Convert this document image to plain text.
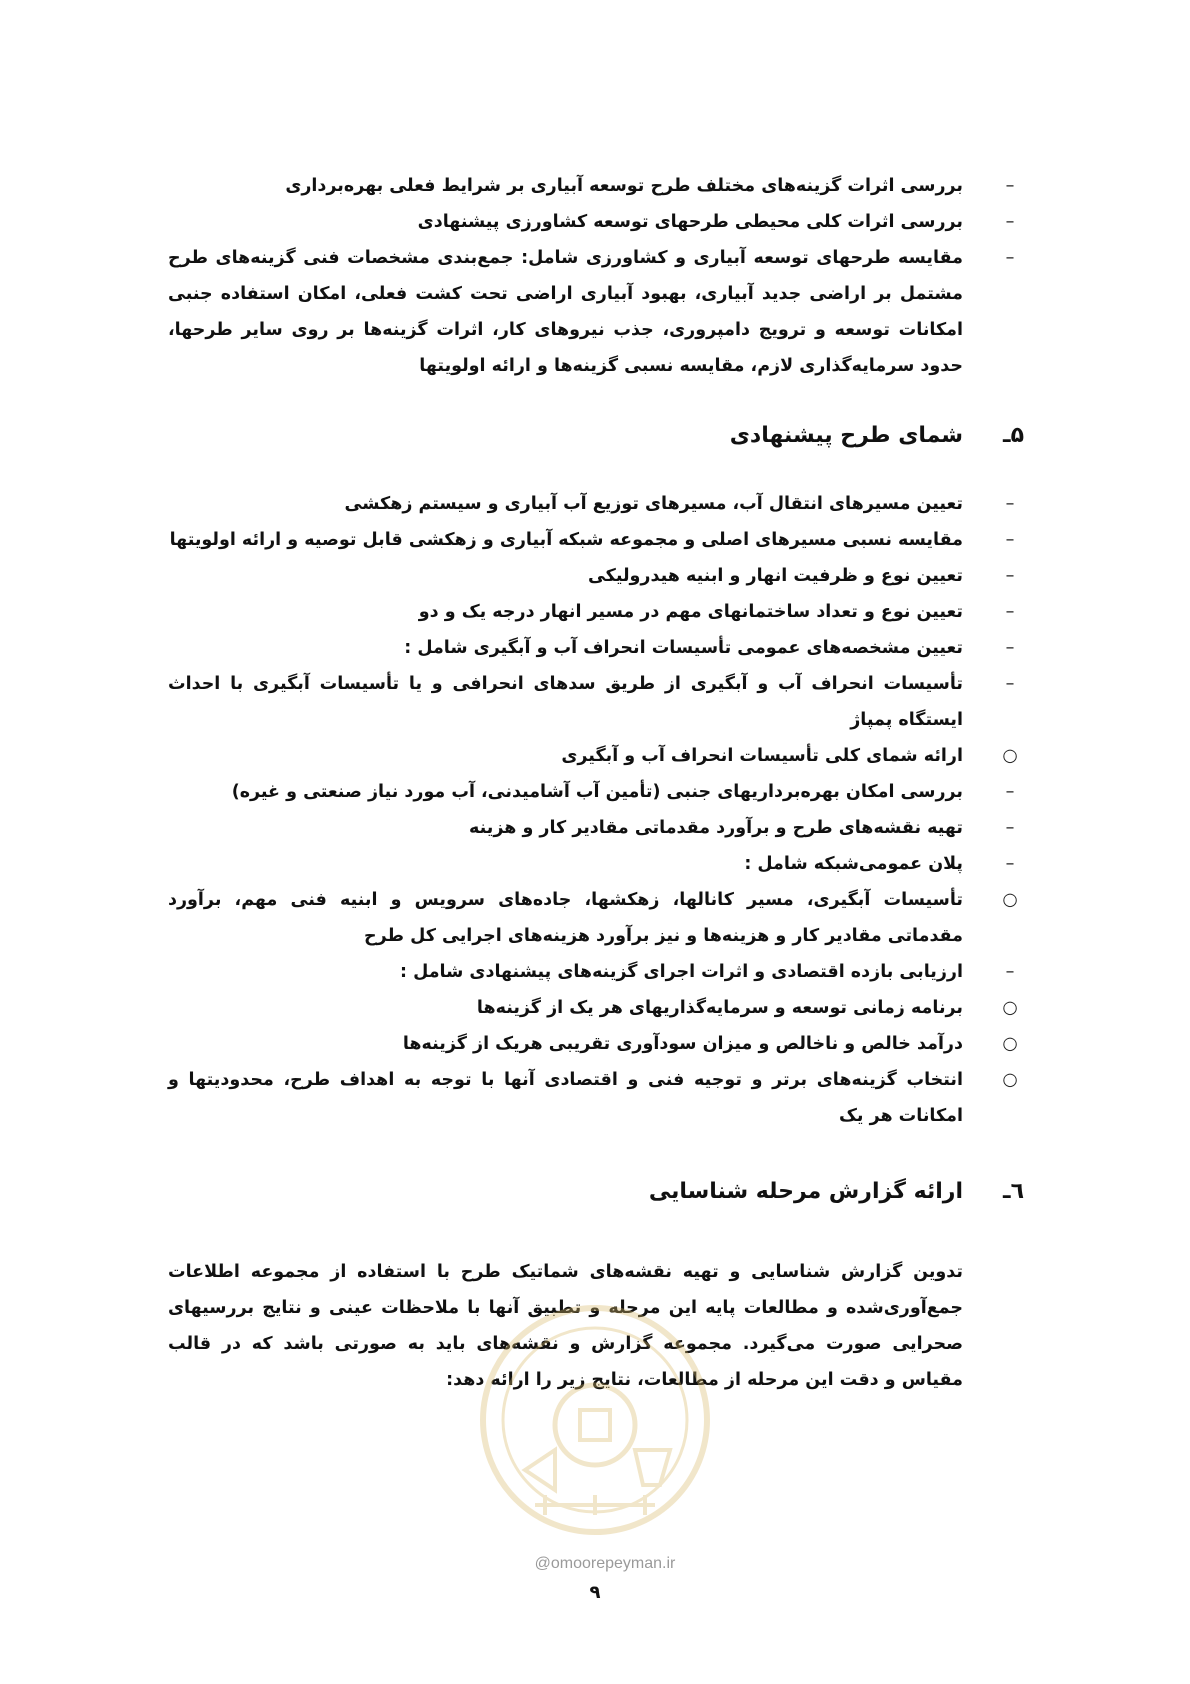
–
بررسی اثرات گزینه‌های مختلف طرح توسعه آبیاری بر شرایط فعلی بهره‌برداری
–
بررسی اثرات کلی محیطی طرحهای توسعه کشاورزی پیشنهادی
–
مقایسه طرحهای توسعه آبیاری و کشاورزی شامل: جمع‌بندی مشخصات فنی گزینه‌های طرح مشتمل بر اراضی جدید آبیاری، بهبود آبیاری اراضی تحت کشت فعلی، امکان استفاده جنبی امکانات توسعه و ترویج دامپروری، جذب نیروهای کار، اثرات گزینه‌ها بر روی سایر طرحها، حدود سرمایه‌گذاری لازم، مقایسه نسبی گزینه‌ها و ارائه اولویتها
۵ـ
شمای طرح پیشنهادی
–
تعیین مسیرهای انتقال آب، مسیرهای توزیع آب آبیاری و سیستم زهکشی
–
مقایسه نسبی مسیرهای اصلی و مجموعه شبکه آبیاری و زهکشی قابل توصیه و ارائه اولویتها
–
تعیین نوع و ظرفیت انهار و ابنیه هیدرولیکی
–
تعیین نوع و تعداد ساختمانهای مهم در مسیر انهار درجه یک و دو
–
تعیین مشخصه‌های عمومی تأسیسات انحراف آب و آبگیری شامل :
–
تأسیسات انحراف آب و آبگیری از طریق سدهای انحرافی و یا تأسیسات آبگیری با احداث ایستگاه پمپاژ
○
ارائه شمای کلی تأسیسات انحراف آب و آبگیری
–
بررسی امکان بهره‌برداریهای جنبی (تأمین آب آشامیدنی، آب مورد نیاز صنعتی و غیره)
–
تهیه نقشه‌های طرح و برآورد مقدماتی مقادیر کار و هزینه
–
پلان عمومی‌شبکه شامل :
○
تأسیسات آبگیری، مسیر کانالها، زهکشها، جاده‌های سرویس و ابنیه فنی مهم، برآورد مقدماتی مقادیر کار و هزینه‌ها و نیز برآورد هزینه‌های اجرایی کل طرح
–
ارزیابی بازده اقتصادی و اثرات اجرای گزینه‌های پیشنهادی شامل :
○
برنامه زمانی توسعه و سرمایه‌گذاریهای هر یک از گزینه‌ها
○
درآمد خالص و ناخالص و میزان سودآوری تقریبی هریک از گزینه‌ها
○
انتخاب گزینه‌های برتر و توجیه فنی و اقتصادی آنها با توجه به اهداف طرح، محدودیتها و امکانات هر یک
٦ـ
ارائه گزارش مرحله شناسایی

تدوین گزارش شناسایی و تهیه نقشه‌های شماتیک طرح با استفاده از مجموعه اطلاعات جمع‌آوری‌شده و مطالعات پایه این مرحله و تطبیق آنها با ملاحظات عینی و نتایج بررسیهای صحرایی صورت می‌گیرد. مجموعه گزارش و نقشه‌های باید به صورتی باشد که در قالب مقیاس و دقت این مرحله از مطالعات، نتایج زیر را ارائه دهد:

@omoorepeyman.ir
۹
